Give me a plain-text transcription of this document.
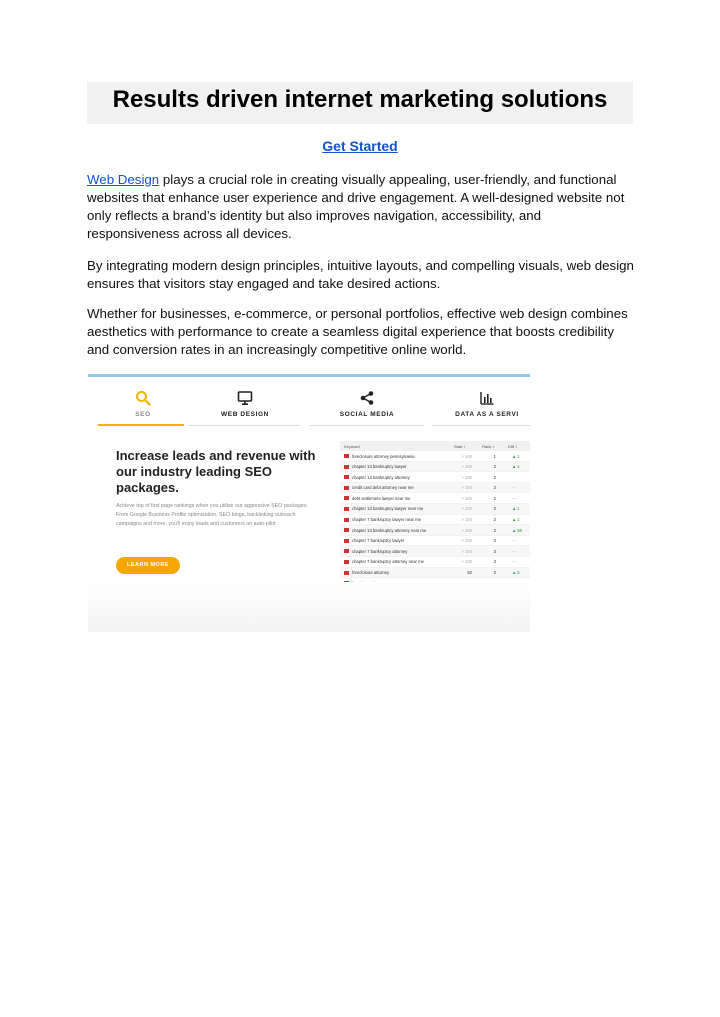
Results driven internet marketing solutions
Get Started

Web Design plays a crucial role in creating visually appealing, user-friendly, and functional websites that enhance user experience and drive engagement. A well-designed website not only reflects a brand’s identity but also improves navigation, accessibility, and responsiveness across all devices.

By integrating modern design principles, intuitive layouts, and compelling visuals, web design ensures that visitors stay engaged and take desired actions.

Whether for businesses, e-commerce, or personal portfolios, effective web design combines aesthetics with performance to create a seamless digital experience that boosts credibility and conversion rates in an increasingly competitive online world.

SEO	WEB DESIGN	SOCIAL MEDIA	DATA AS A SERVI
Increase leads and revenue with our industry leading SEO packages.

Achieve top of first page rankings when you utilize our aggressive SEO packages. From Google Business Profile optimization, SEO blogs, backlinking outreach campaigns and more, you'll enjoy leads and customers on auto-pilot

LEARN MORE
Keyword	Start ↕	Rank ↕	Diff ↕
foreclosure attorney pennsylvania	> 100	1	▲ 1
chapter 13 bankruptcy lawyer	> 100	2	▲ 1
chapter 13 bankruptcy attorney	> 100	2
credit card debt attorney near me	> 100	2	—
debt settlement lawyer near me	> 100	2	—
chapter 13 bankruptcy lawyer near me	> 100	2	▲ 1
chapter 7 bankruptcy lawyer near me	> 100	2	▲ 1
chapter 13 bankruptcy attorney near me	> 100	2	▲ 98
chapter 7 bankruptcy lawyer	> 100	3	—
chapter 7 bankruptcy attorney	> 100	3	—
chapter 7 bankruptcy attorney near me	> 100	3	—
foreclosure attorney	62	2	▲ 5
